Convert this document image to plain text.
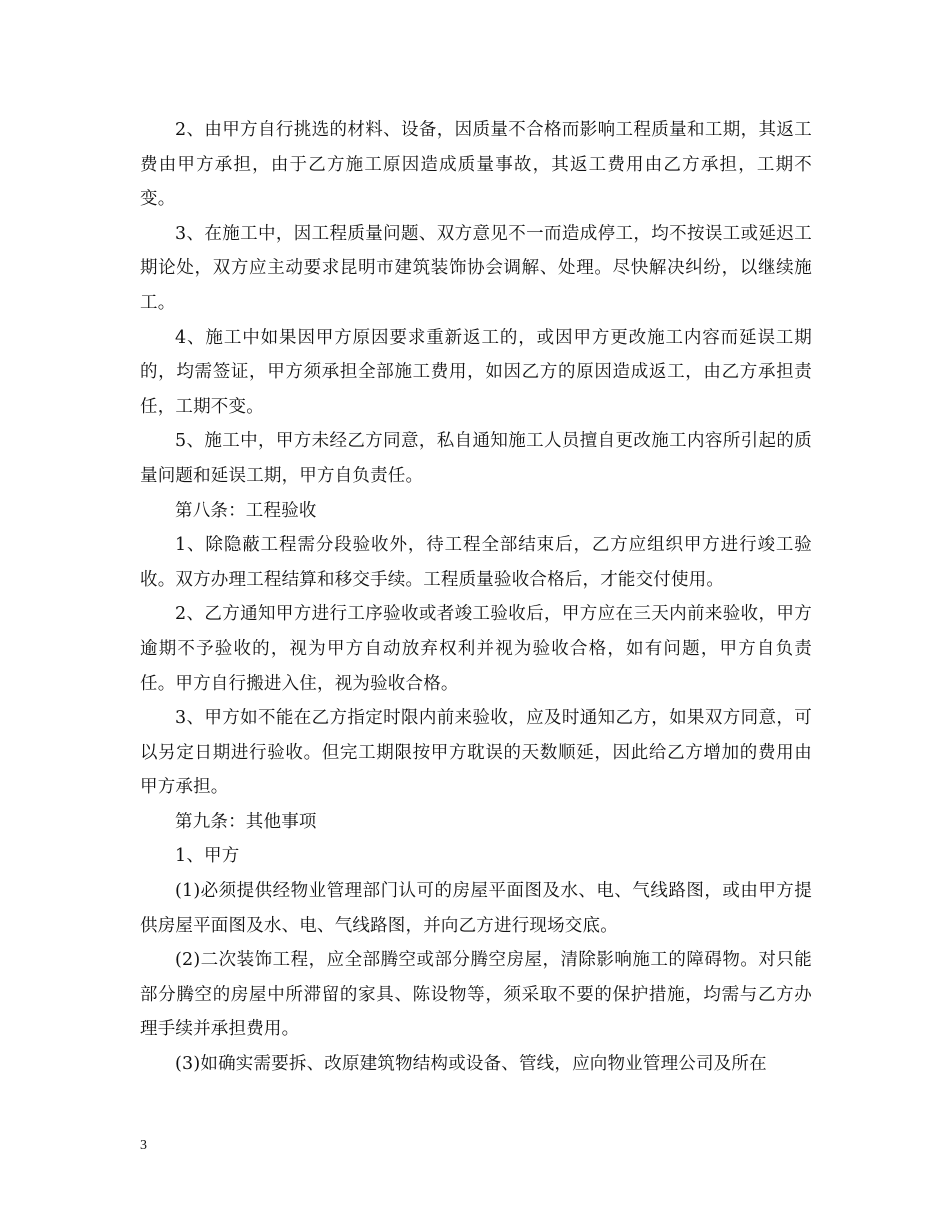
2、由甲方自行挑选的材料、设备，因质量不合格而影响工程质量和工期，其返工费由甲方承担，由于乙方施工原因造成质量事故，其返工费用由乙方承担，工期不变。

3、在施工中，因工程质量问题、双方意见不一而造成停工，均不按误工或延迟工期论处，双方应主动要求昆明市建筑装饰协会调解、处理。尽快解决纠纷，以继续施工。

4、施工中如果因甲方原因要求重新返工的，或因甲方更改施工内容而延误工期的，均需签证，甲方须承担全部施工费用，如因乙方的原因造成返工，由乙方承担责任，工期不变。

5、施工中，甲方未经乙方同意，私自通知施工人员擅自更改施工内容所引起的质量问题和延误工期，甲方自负责任。

第八条：工程验收

1、除隐蔽工程需分段验收外，待工程全部结束后，乙方应组织甲方进行竣工验收。双方办理工程结算和移交手续。工程质量验收合格后，才能交付使用。

2、乙方通知甲方进行工序验收或者竣工验收后，甲方应在三天内前来验收，甲方逾期不予验收的，视为甲方自动放弃权利并视为验收合格，如有问题，甲方自负责任。甲方自行搬进入住，视为验收合格。

3、甲方如不能在乙方指定时限内前来验收，应及时通知乙方，如果双方同意，可以另定日期进行验收。但完工期限按甲方耽误的天数顺延，因此给乙方增加的费用由甲方承担。

第九条：其他事项

1、甲方

(1)必须提供经物业管理部门认可的房屋平面图及水、电、气线路图，或由甲方提供房屋平面图及水、电、气线路图，并向乙方进行现场交底。

(2)二次装饰工程，应全部腾空或部分腾空房屋，清除影响施工的障碍物。对只能部分腾空的房屋中所滞留的家具、陈设物等，须采取不要的保护措施，均需与乙方办理手续并承担费用。

(3)如确实需要拆、改原建筑物结构或设备、管线，应向物业管理公司及所在

3
